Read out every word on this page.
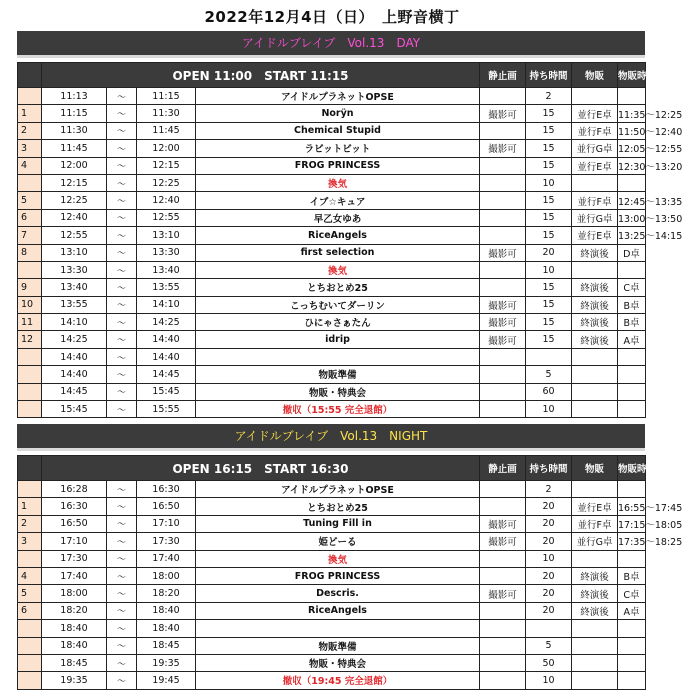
2022年12月4日（日）　上野音横丁
アイドルブレイブ　Vol.13　DAY
	OPEN 11:00　START 11:15				静止画	持ち時間	物販	物販時間
	11:13	～	11:15	アイドルプラネットOPSE		2		
1	11:15	～	11:30	Norÿn	撮影可	15	並行E卓	11:35～12:25
2	11:30	～	11:45	Chemical Stupid		15	並行F卓	11:50～12:40
3	11:45	～	12:00	ラビットビット	撮影可	15	並行G卓	12:05～12:55
4	12:00	～	12:15	FROG PRINCESS		15	並行E卓	12:30～13:20
	12:15	～	12:25	換気		10		
5	12:25	～	12:40	イブ☆キュア		15	並行F卓	12:45～13:35
6	12:40	～	12:55	早乙女ゆあ		15	並行G卓	13:00～13:50
7	12:55	～	13:10	RiceAngels		15	並行E卓	13:25～14:15
8	13:10	～	13:30	first selection	撮影可	20	終演後	D卓
	13:30	～	13:40	換気		10		
9	13:40	～	13:55	とちおとめ25		15	終演後	C卓
10	13:55	～	14:10	こっちむいてダーリン	撮影可	15	終演後	B卓
11	14:10	～	14:25	ひにゃさぁたん	撮影可	15	終演後	B卓
12	14:25	～	14:40	idrip	撮影可	15	終演後	A卓
	14:40	～	14:40					
	14:40	～	14:45	物販準備		5		
	14:45	～	15:45	物販・特典会		60		
	15:45	～	15:55	撤収（15:55 完全退館）		10		
アイドルブレイブ　Vol.13　NIGHT
	OPEN 16:15　START 16:30				静止画	持ち時間	物販	物販時間
	16:28	～	16:30	アイドルプラネットOPSE		2		
1	16:30	～	16:50	とちおとめ25		20	並行E卓	16:55～17:45
2	16:50	～	17:10	Tuning Fill in	撮影可	20	並行F卓	17:15～18:05
3	17:10	～	17:30	姫どーる	撮影可	20	並行G卓	17:35～18:25
	17:30	～	17:40	換気		10		
4	17:40	～	18:00	FROG PRINCESS		20	終演後	B卓
5	18:00	～	18:20	Descris.	撮影可	20	終演後	C卓
6	18:20	～	18:40	RiceAngels		20	終演後	A卓
	18:40	～	18:40					
	18:40	～	18:45	物販準備		5		
	18:45	～	19:35	物販・特典会		50		
	19:35	～	19:45	撤収（19:45 完全退館）		10		
